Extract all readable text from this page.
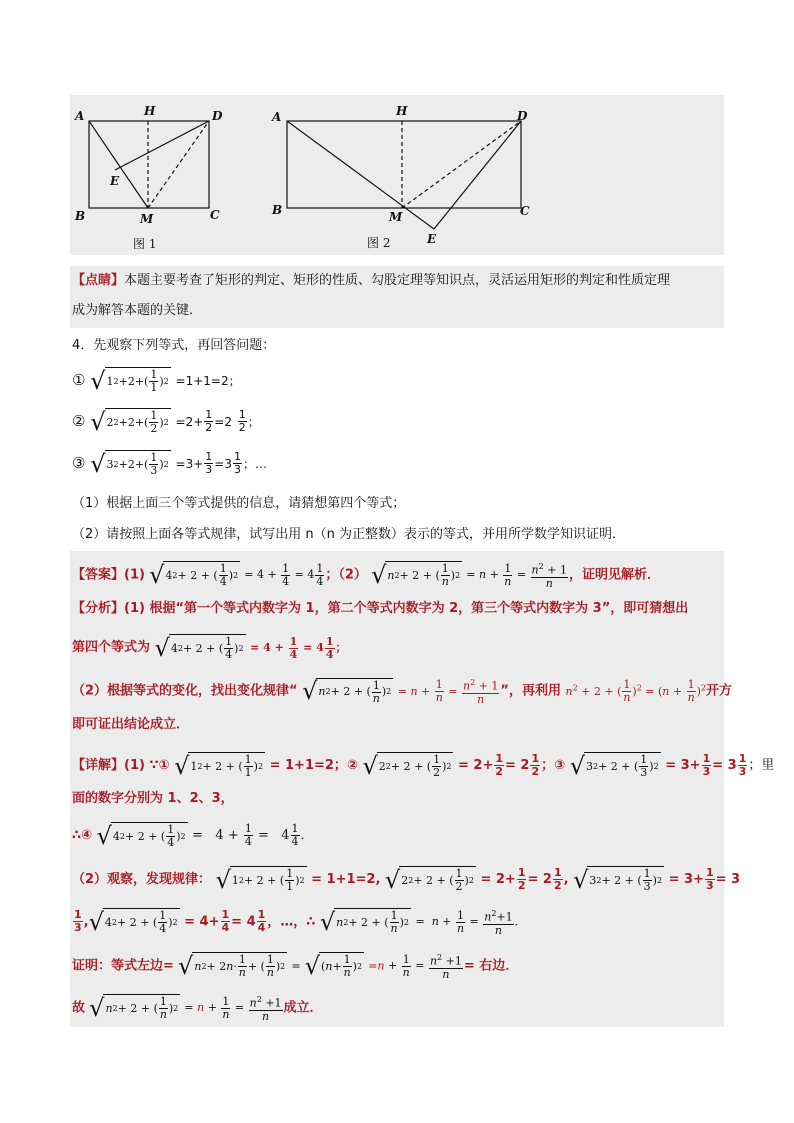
A	H	D
E
B	M	C
图 1
A	H	D
B	M	C
E
图 2
【点睛】本题主要考查了矩形的判定、矩形的性质、勾股定理等知识点，灵活运用矩形的判定和性质定理
成为解答本题的关键．
4．先观察下列等式，再回答问题：
① √ 1 $2 +2+( \frac{1}{1}$ ) 2 =1+1=2；
② √ 2 $2 +2+( \frac{1}{2}$ ) $2 =2+ \frac{1}{2} =2 \frac{1}{2}$ ；
③ √ 3 $2 +2+( \frac{1}{3}$ ) $2 =3+ \frac{1}{3} =3 \frac{1}{3}$ ；…
（1）根据上面三个等式提供的信息，请猜想第四个等式；
（2）请按照上面各等式规律，试写出用 n（n 为正整数）表示的等式，并用所学数学知识证明．
【答案】(1) √ 4 2 + 2 + ( $\frac{1}{4}$ ) $2 = 4 + \frac{1}{4} = 4 \frac{1}{4}$ ；（2） √ n 2 + 2 + ( $\frac{1}{n}$ ) $2 = n + \frac{1}{n} = \frac{n^2 + 1}{n}$ ，证明见解析．
【分析】(1) 根据“第一个等式内数字为 1，第二个等式内数字为 2，第三个等式内数字为 3”，即可猜想出
第四个等式为 √ 4 2 + 2 + ( $\frac{1}{4}$ ) $2 = 4 + \frac{1}{4} = 4 \frac{1}{4}$ ；
（2）根据等式的变化，找出变化规律“ √ n 2 + 2 + ( $\frac{1}{n}$ ) $2 = n + \frac{1}{n} = \frac{n^2 + 1}{n}$ ”，再利用 $n^2 + 2$ + ( $\frac{1}{n} )^2 = (n + \frac{1}{n} )^2$开方
即可证出结论成立．
【详解】(1) ∵① √ 1 2 + 2 + ( $\frac{1}{1}$ ) 2 = 1+1=2；② √ 2 2 + 2 + ( $\frac{1}{2}$ ) $2 = 2+ \frac{1}{2} = 2 \frac{1}{2}$ ；③ √ 3 2 + 2 + ( $\frac{1}{3}$ ) $2 = 3+ \frac{1}{3} = 3 \frac{1}{3}$ ；里
面的数字分别为 1、2、3，
∴④ √ 4 2 + 2 + ( $\frac{1}{4}$ ) $2 = 4 + \frac{1}{4} = 4 \frac{1}{4}$ ．
（2）观察，发现规律： √ 1 2 + 2 + ( $\frac{1}{1}$ ) 2 = 1+1=2, √ 2 2 + 2 + ( $\frac{1}{2}$ ) $2 = 2+ \frac{1}{2} = 2 \frac{1}{2}$ , √ 3 2 + 2 + ( $\frac{1}{3}$ ) $2 = 3+ \frac{1}{3} = 3$
$\frac{1}{3}$ , √ 4 2 + 2 + ( $\frac{1}{4}$ ) $2 = 4+ \frac{1}{4} = 4 \frac{1}{4}$ ，…，∴ √ n 2 + 2 + ( $\frac{1}{n}$ ) $2 = n + \frac{1}{n} = \frac{n^2+1}{n}$ ．
证明：等式左边= √ n 2 + 2 $n \cdot \frac{1}{n}$ + ( $\frac{1}{n}$ ) 2 = √ ( $n + \frac{1}{n}$ ) $2 =n + \frac{1}{n} = \frac{n^2 +1}{n}$ = 右边．
故 √ n 2 + 2 + ( $\frac{1}{n}$ ) $2 = n + \frac{1}{n} = \frac{n^2 +1}{n}$ 成立．
